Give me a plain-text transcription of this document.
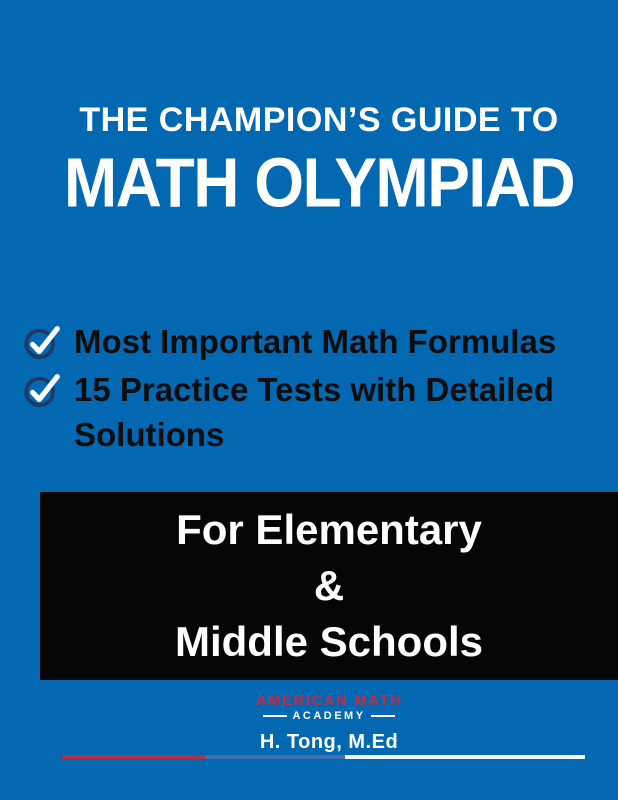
THE CHAMPION’S GUIDE TO
MATH OLYMPIAD
Most Important Math Formulas
15 Practice Tests with Detailed Solutions
For Elementary
&
Middle Schools
AMERICAN MATH
ACADEMY
H. Tong, M.Ed
